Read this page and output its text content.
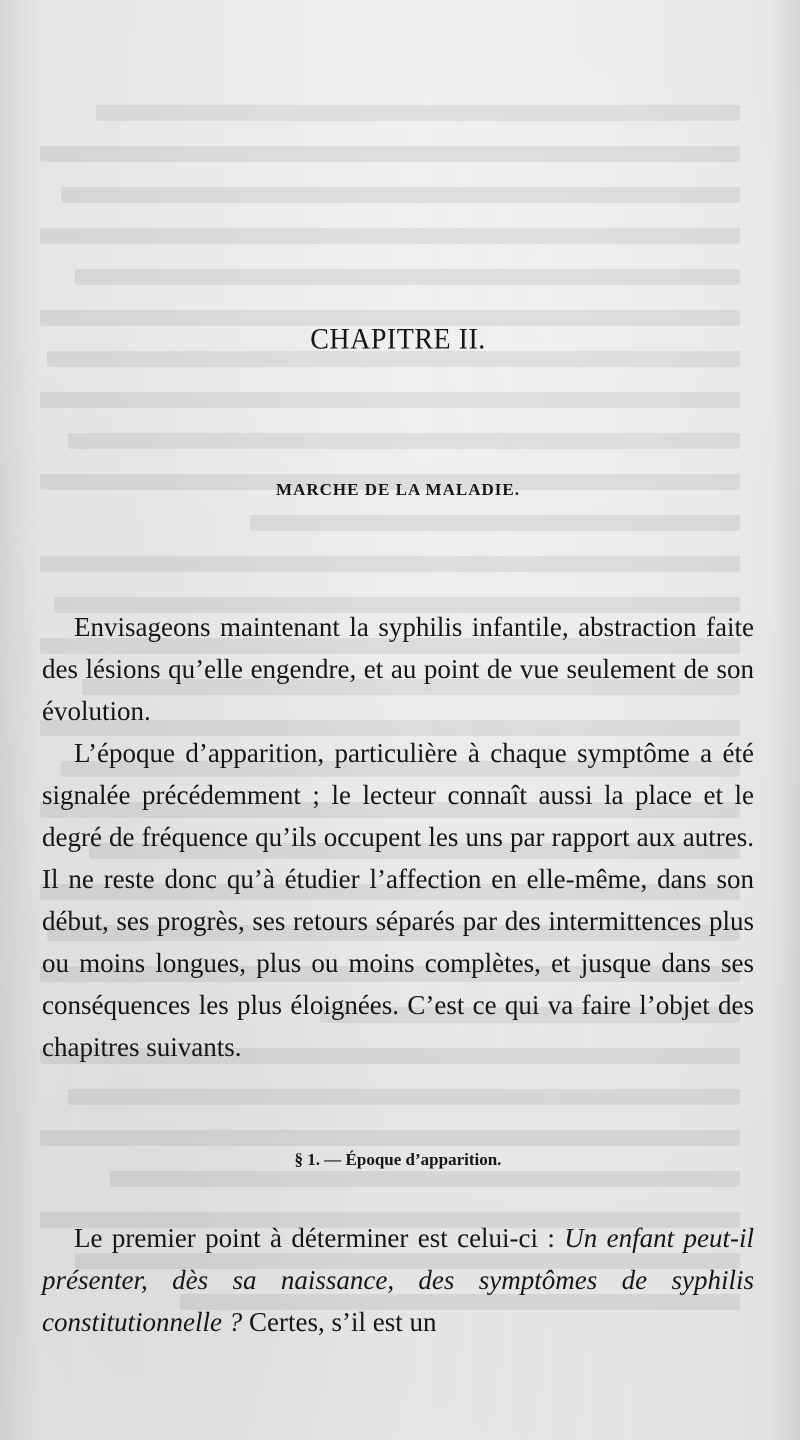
CHAPITRE II.
MARCHE DE LA MALADIE.

Envisageons maintenant la syphilis infantile, abstraction faite des lésions qu’elle engendre, et au point de vue seulement de son évolution.

L’époque d’apparition, particulière à chaque symptôme a été signalée précédemment ; le lecteur connaît aussi la place et le degré de fréquence qu’ils occupent les uns par rapport aux autres. Il ne reste donc qu’à étudier l’affection en elle-même, dans son début, ses progrès, ses retours séparés par des intermittences plus ou moins longues, plus ou moins complètes, et jusque dans ses conséquences les plus éloignées. C’est ce qui va faire l’objet des chapitres suivants.

§ 1. — Époque d’apparition.

Le premier point à déterminer est celui-ci : Un enfant peut-il présenter, dès sa naissance, des symptômes de syphilis constitutionnelle ? Certes, s’il est un
